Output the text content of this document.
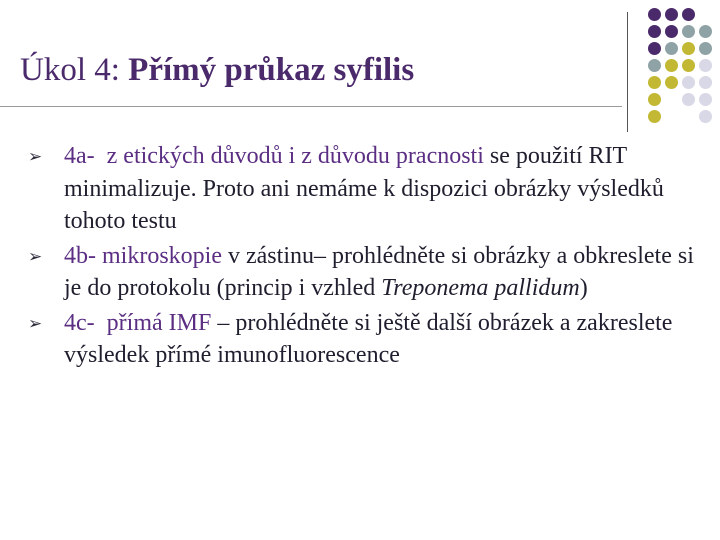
Úkol 4: Přímý průkaz syfilis
➢ 4a- z etických důvodů i z důvodu pracnosti se použití RIT minimalizuje. Proto ani nemáme k dispozici obrázky výsledků tohoto testu
➢ 4b- mikroskopie v zástinu– prohlédněte si obrázky a obkreslete si je do protokolu (princip i vzhled Treponema pallidum)
➢ 4c- přímá IMF – prohlédněte si ještě další obrázek a zakreslete výsledek přímé imunofluorescence
